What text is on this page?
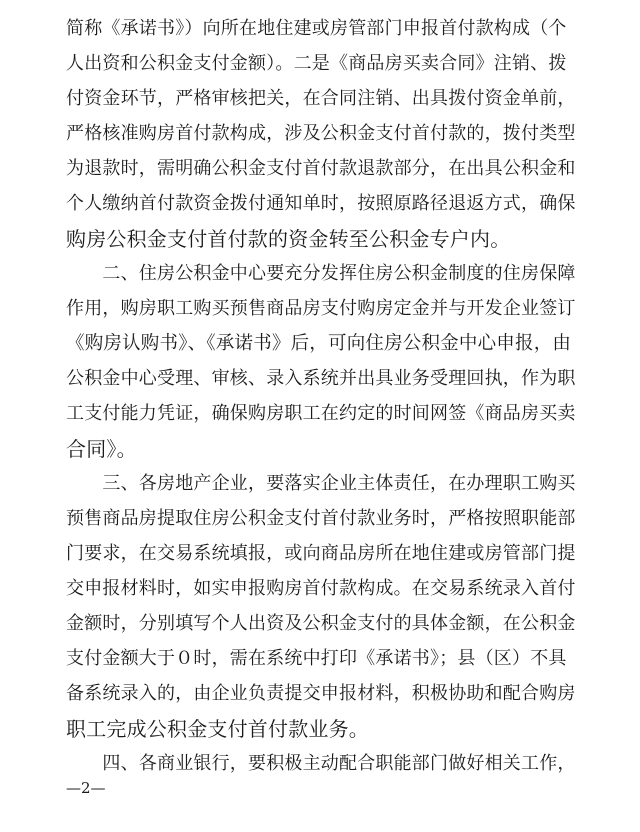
简称《承诺书》）向所在地住建或房管部门申报首付款构成（个
人出资和公积金支付金额）。二是《商品房买卖合同》注销、拨
付资金环节，严格审核把关，在合同注销、出具拨付资金单前，
严格核准购房首付款构成，涉及公积金支付首付款的，拨付类型
为退款时，需明确公积金支付首付款退款部分，在出具公积金和
个人缴纳首付款资金拨付通知单时，按照原路径退返方式，确保
购房公积金支付首付款的资金转至公积金专户内。
　　二、住房公积金中心要充分发挥住房公积金制度的住房保障
作用，购房职工购买预售商品房支付购房定金并与开发企业签订
《购房认购书》、《承诺书》后，可向住房公积金中心申报，由
公积金中心受理、审核、录入系统并出具业务受理回执，作为职
工支付能力凭证，确保购房职工在约定的时间网签《商品房买卖
合同》。
　　三、各房地产企业，要落实企业主体责任，在办理职工购买
预售商品房提取住房公积金支付首付款业务时，严格按照职能部
门要求，在交易系统填报，或向商品房所在地住建或房管部门提
交申报材料时，如实申报购房首付款构成。在交易系统录入首付
金额时，分别填写个人出资及公积金支付的具体金额，在公积金
支付金额大于０时，需在系统中打印《承诺书》；县（区）不具
备系统录入的，由企业负责提交申报材料，积极协助和配合购房
职工完成公积金支付首付款业务。
　　四、各商业银行，要积极主动配合职能部门做好相关工作，
—2—
